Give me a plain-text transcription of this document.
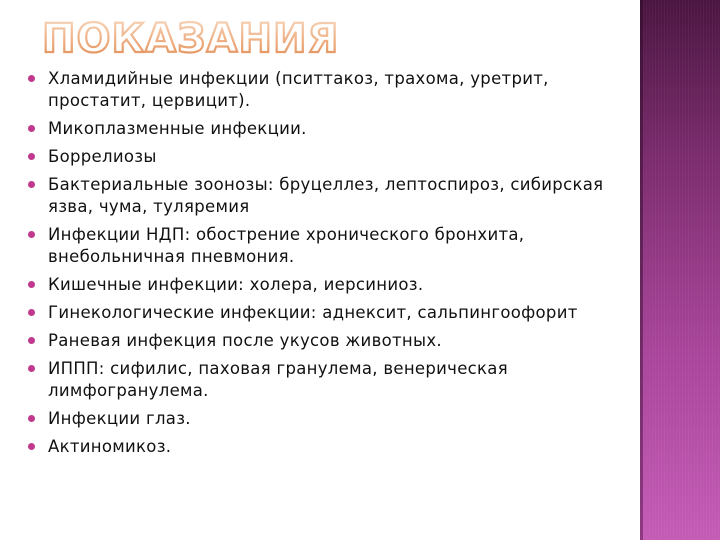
ПОКАЗАНИЯ
Хламидийные инфекции (пситтакоз, трахома, уретрит, простатит, цервицит).
Микоплазменные инфекции.
Боррелиозы
Бактериальные зоонозы: бруцеллез, лептоспироз, сибирская язва, чума, туляремия
Инфекции НДП: обострение хронического бронхита, внебольничная пневмония.
Кишечные инфекции: холера, иерсиниоз.
Гинекологические инфекции: аднексит, сальпингоофорит
Раневая инфекция после укусов животных.
ИППП: сифилис, паховая гранулема, венерическая лимфогранулема.
Инфекции глаз.
Актиномикоз.
